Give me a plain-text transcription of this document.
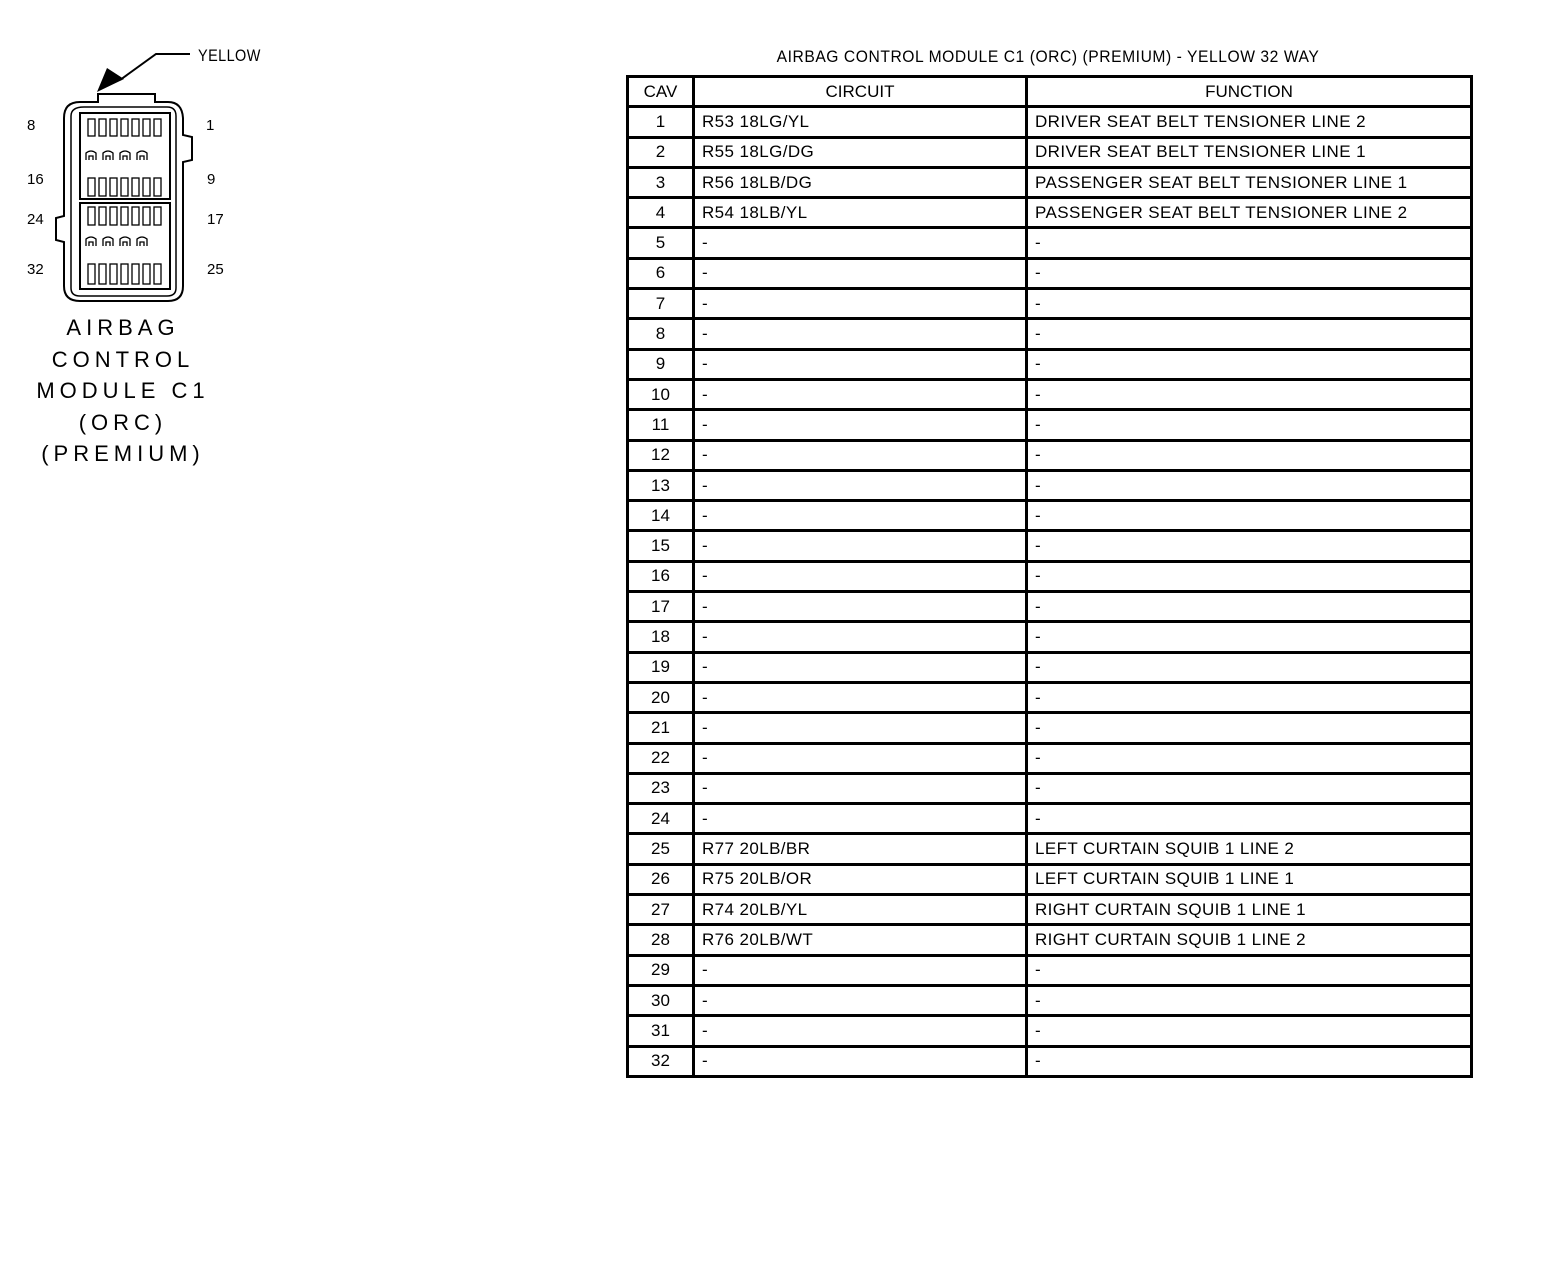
8	1
16	9
24	17
32	25
YELLOW
AIRBAG
CONTROL
MODULE C1
(ORC)
(PREMIUM)
AIRBAG CONTROL MODULE C1 (ORC) (PREMIUM) - YELLOW 32 WAY
CAV	CIRCUIT	FUNCTION
1	R53 18LG/YL	DRIVER SEAT BELT TENSIONER LINE 2
2	R55 18LG/DG	DRIVER SEAT BELT TENSIONER LINE 1
3	R56 18LB/DG	PASSENGER SEAT BELT TENSIONER LINE 1
4	R54 18LB/YL	PASSENGER SEAT BELT TENSIONER LINE 2
5	-	-
6	-	-
7	-	-
8	-	-
9	-	-
10	-	-
11	-	-
12	-	-
13	-	-
14	-	-
15	-	-
16	-	-
17	-	-
18	-	-
19	-	-
20	-	-
21	-	-
22	-	-
23	-	-
24	-	-
25	R77 20LB/BR	LEFT CURTAIN SQUIB 1 LINE 2
26	R75 20LB/OR	LEFT CURTAIN SQUIB 1 LINE 1
27	R74 20LB/YL	RIGHT CURTAIN SQUIB 1 LINE 1
28	R76 20LB/WT	RIGHT CURTAIN SQUIB 1 LINE 2
29	-	-
30	-	-
31	-	-
32	-	-
